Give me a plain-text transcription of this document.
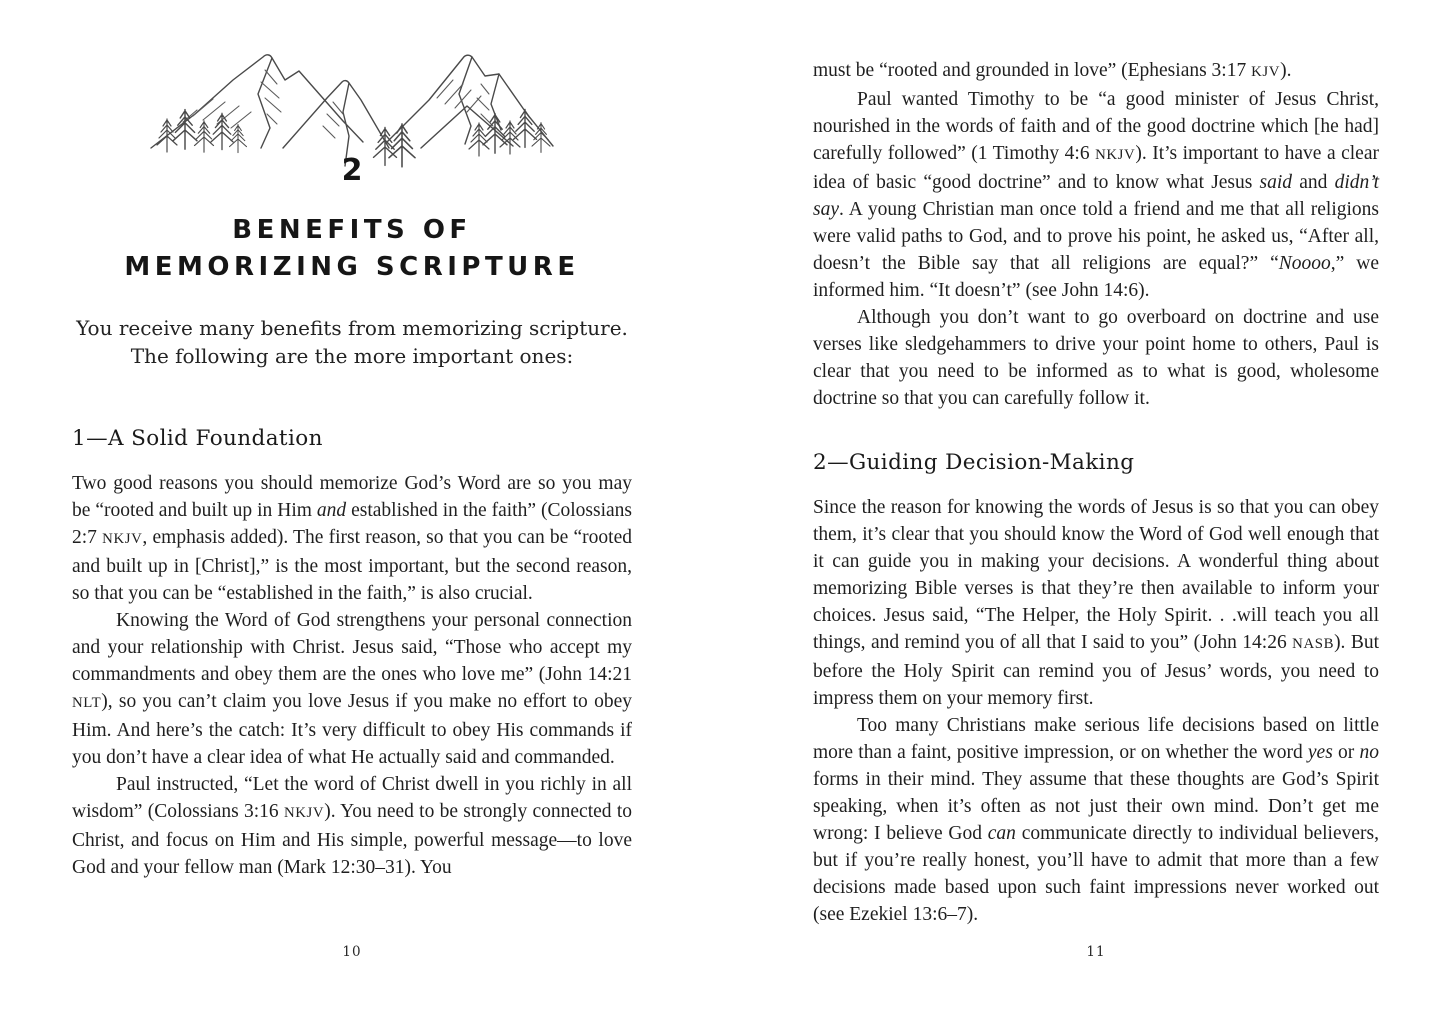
2
BENEFITS OF
MEMORIZING SCRIPTURE
You receive many benefits from memorizing scripture.
The following are the more important ones:
1—A Solid Foundation

Two good reasons you should memorize God’s Word are so you may be “rooted and built up in Him and established in the faith” (Colossians 2:7 NKJV, emphasis added). The first reason, so that you can be “rooted and built up in [Christ],” is the most important, but the second reason, so that you can be “established in the faith,” is also crucial.

Knowing the Word of God strengthens your personal connection and your relationship with Christ. Jesus said, “Those who accept my commandments and obey them are the ones who love me” (John 14:21 NLT), so you can’t claim you love Jesus if you make no effort to obey Him. And here’s the catch: It’s very difficult to obey His commands if you don’t have a clear idea of what He actually said and commanded.

Paul instructed, “Let the word of Christ dwell in you richly in all wisdom” (Colossians 3:16 NKJV). You need to be strongly connected to Christ, and focus on Him and His simple, powerful message—to love God and your fellow man (Mark 12:30–31). You

10

must be “rooted and grounded in love” (Ephesians 3:17 KJV).

Paul wanted Timothy to be “a good minister of Jesus Christ, nourished in the words of faith and of the good doctrine which [he had] carefully followed” (1 Timothy 4:6 NKJV). It’s important to have a clear idea of basic “good doctrine” and to know what Jesus said and didn’t say. A young Christian man once told a friend and me that all religions were valid paths to God, and to prove his point, he asked us, “After all, doesn’t the Bible say that all religions are equal?” “Noooo,” we informed him. “It doesn’t” (see John 14:6).

Although you don’t want to go overboard on doctrine and use verses like sledgehammers to drive your point home to others, Paul is clear that you need to be informed as to what is good, wholesome doctrine so that you can carefully follow it.

2—Guiding Decision-Making

Since the reason for knowing the words of Jesus is so that you can obey them, it’s clear that you should know the Word of God well enough that it can guide you in making your decisions. A wonderful thing about memorizing Bible verses is that they’re then available to inform your choices. Jesus said, “The Helper, the Holy Spirit. . .will teach you all things, and remind you of all that I said to you” (John 14:26 NASB). But before the Holy Spirit can remind you of Jesus’ words, you need to impress them on your memory first.

Too many Christians make serious life decisions based on little more than a faint, positive impression, or on whether the word yes or no forms in their mind. They assume that these thoughts are God’s Spirit speaking, when it’s often as not just their own mind. Don’t get me wrong: I believe God can communicate directly to individual believers, but if you’re really honest, you’ll have to admit that more than a few decisions made based upon such faint impressions never worked out (see Ezekiel 13:6–7).

11
